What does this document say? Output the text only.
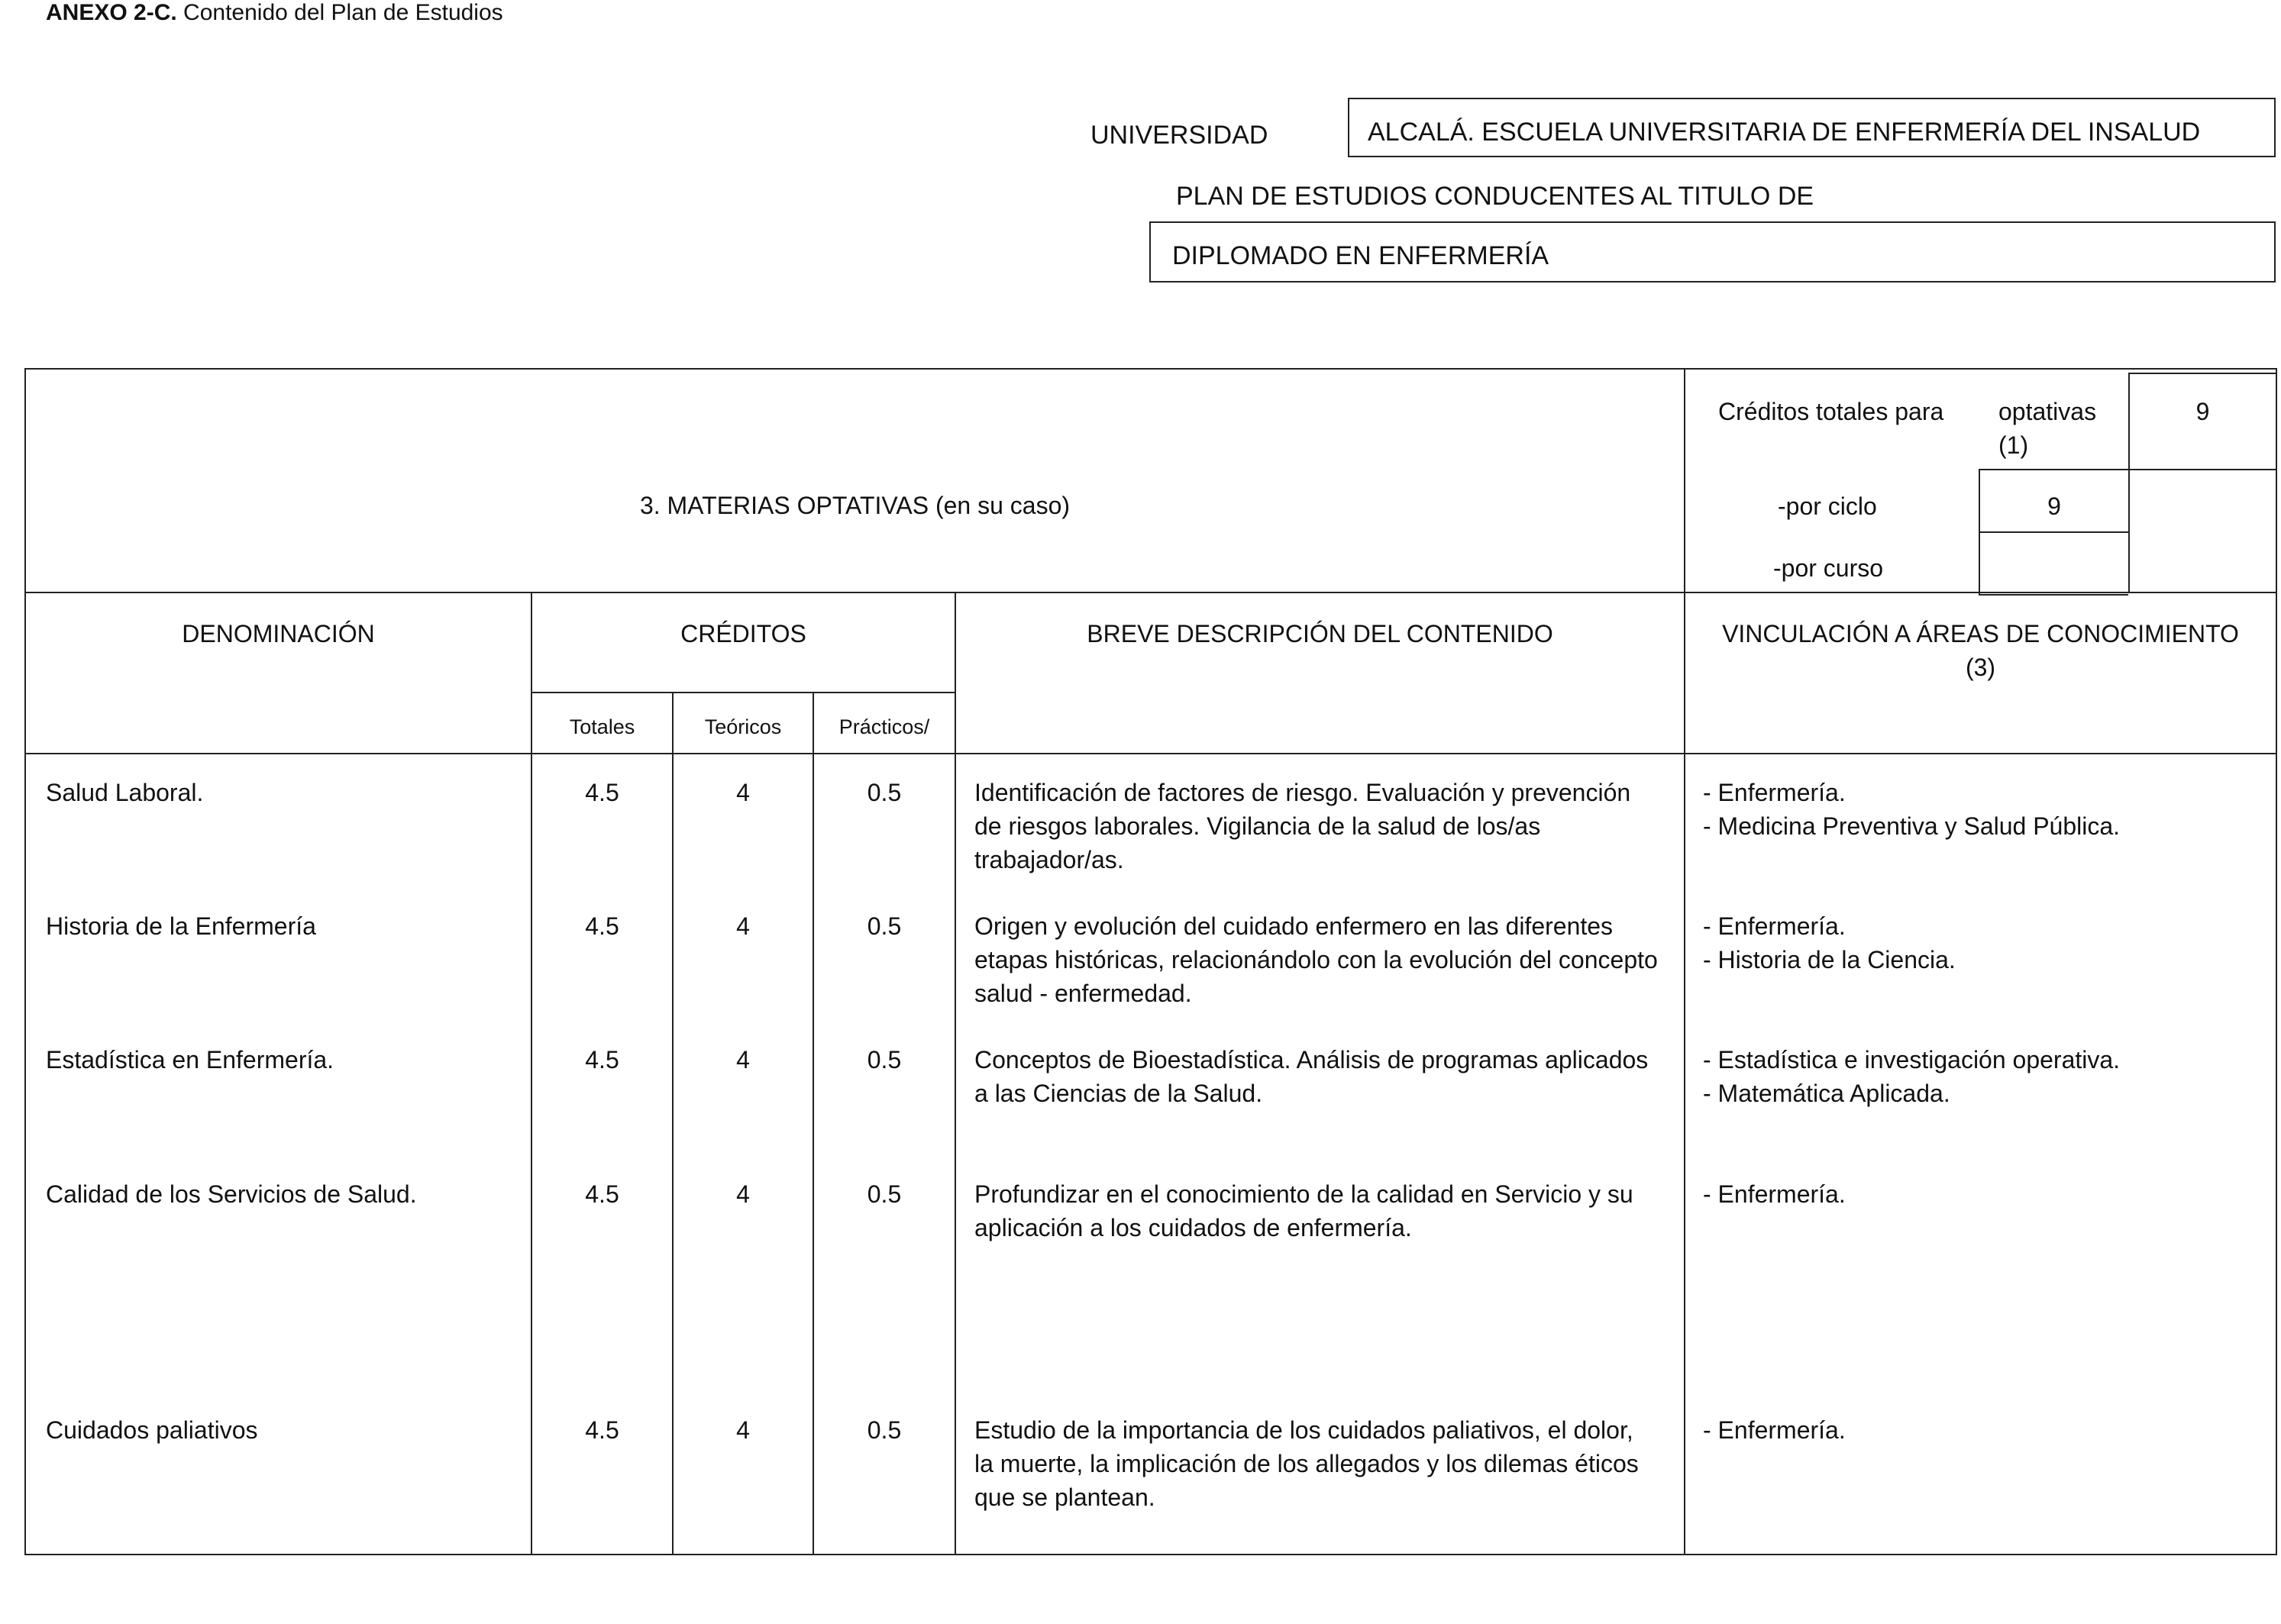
ANEXO 2-C. Contenido del Plan de Estudios
UNIVERSIDAD	ALCALÁ. ESCUELA UNIVERSITARIA DE ENFERMERÍA DEL INSALUD
PLAN DE ESTUDIOS CONDUCENTES AL TITULO DE
DIPLOMADO EN ENFERMERÍA
3. MATERIAS OPTATIVAS (en su caso)
Créditos totales para optativas
(1)
9
-por ciclo	9
-por curso
DENOMINACIÓN	CRÉDITOS
Totales	Teóricos	Prácticos/
BREVE DESCRIPCIÓN DEL CONTENIDO	VINCULACIÓN A ÁREAS DE CONOCIMIENTO
(3)
Salud Laboral.	4.5	4	0.5	Identificación de factores de riesgo. Evaluación y prevención
de riesgos laborales. Vigilancia de la salud de los/as
trabajador/as.
- Enfermería.
- Medicina Preventiva y Salud Pública.
Historia de la Enfermería	4.5	4	0.5	Origen y evolución del cuidado enfermero en las diferentes
etapas históricas, relacionándolo con la evolución del concepto
salud - enfermedad.
- Enfermería.
- Historia de la Ciencia.
Estadística en Enfermería.	4.5	4	0.5	Conceptos de Bioestadística. Análisis de programas aplicados
a las Ciencias de la Salud.
- Estadística e investigación operativa.
- Matemática Aplicada.
Calidad de los Servicios de Salud.	4.5	4	0.5	Profundizar en el conocimiento de la calidad en Servicio y su
aplicación a los cuidados de enfermería.
- Enfermería.
Cuidados paliativos	4.5	4	0.5	Estudio de la importancia de los cuidados paliativos, el dolor,
la muerte, la implicación de los allegados y los dilemas éticos
que se plantean.
- Enfermería.
